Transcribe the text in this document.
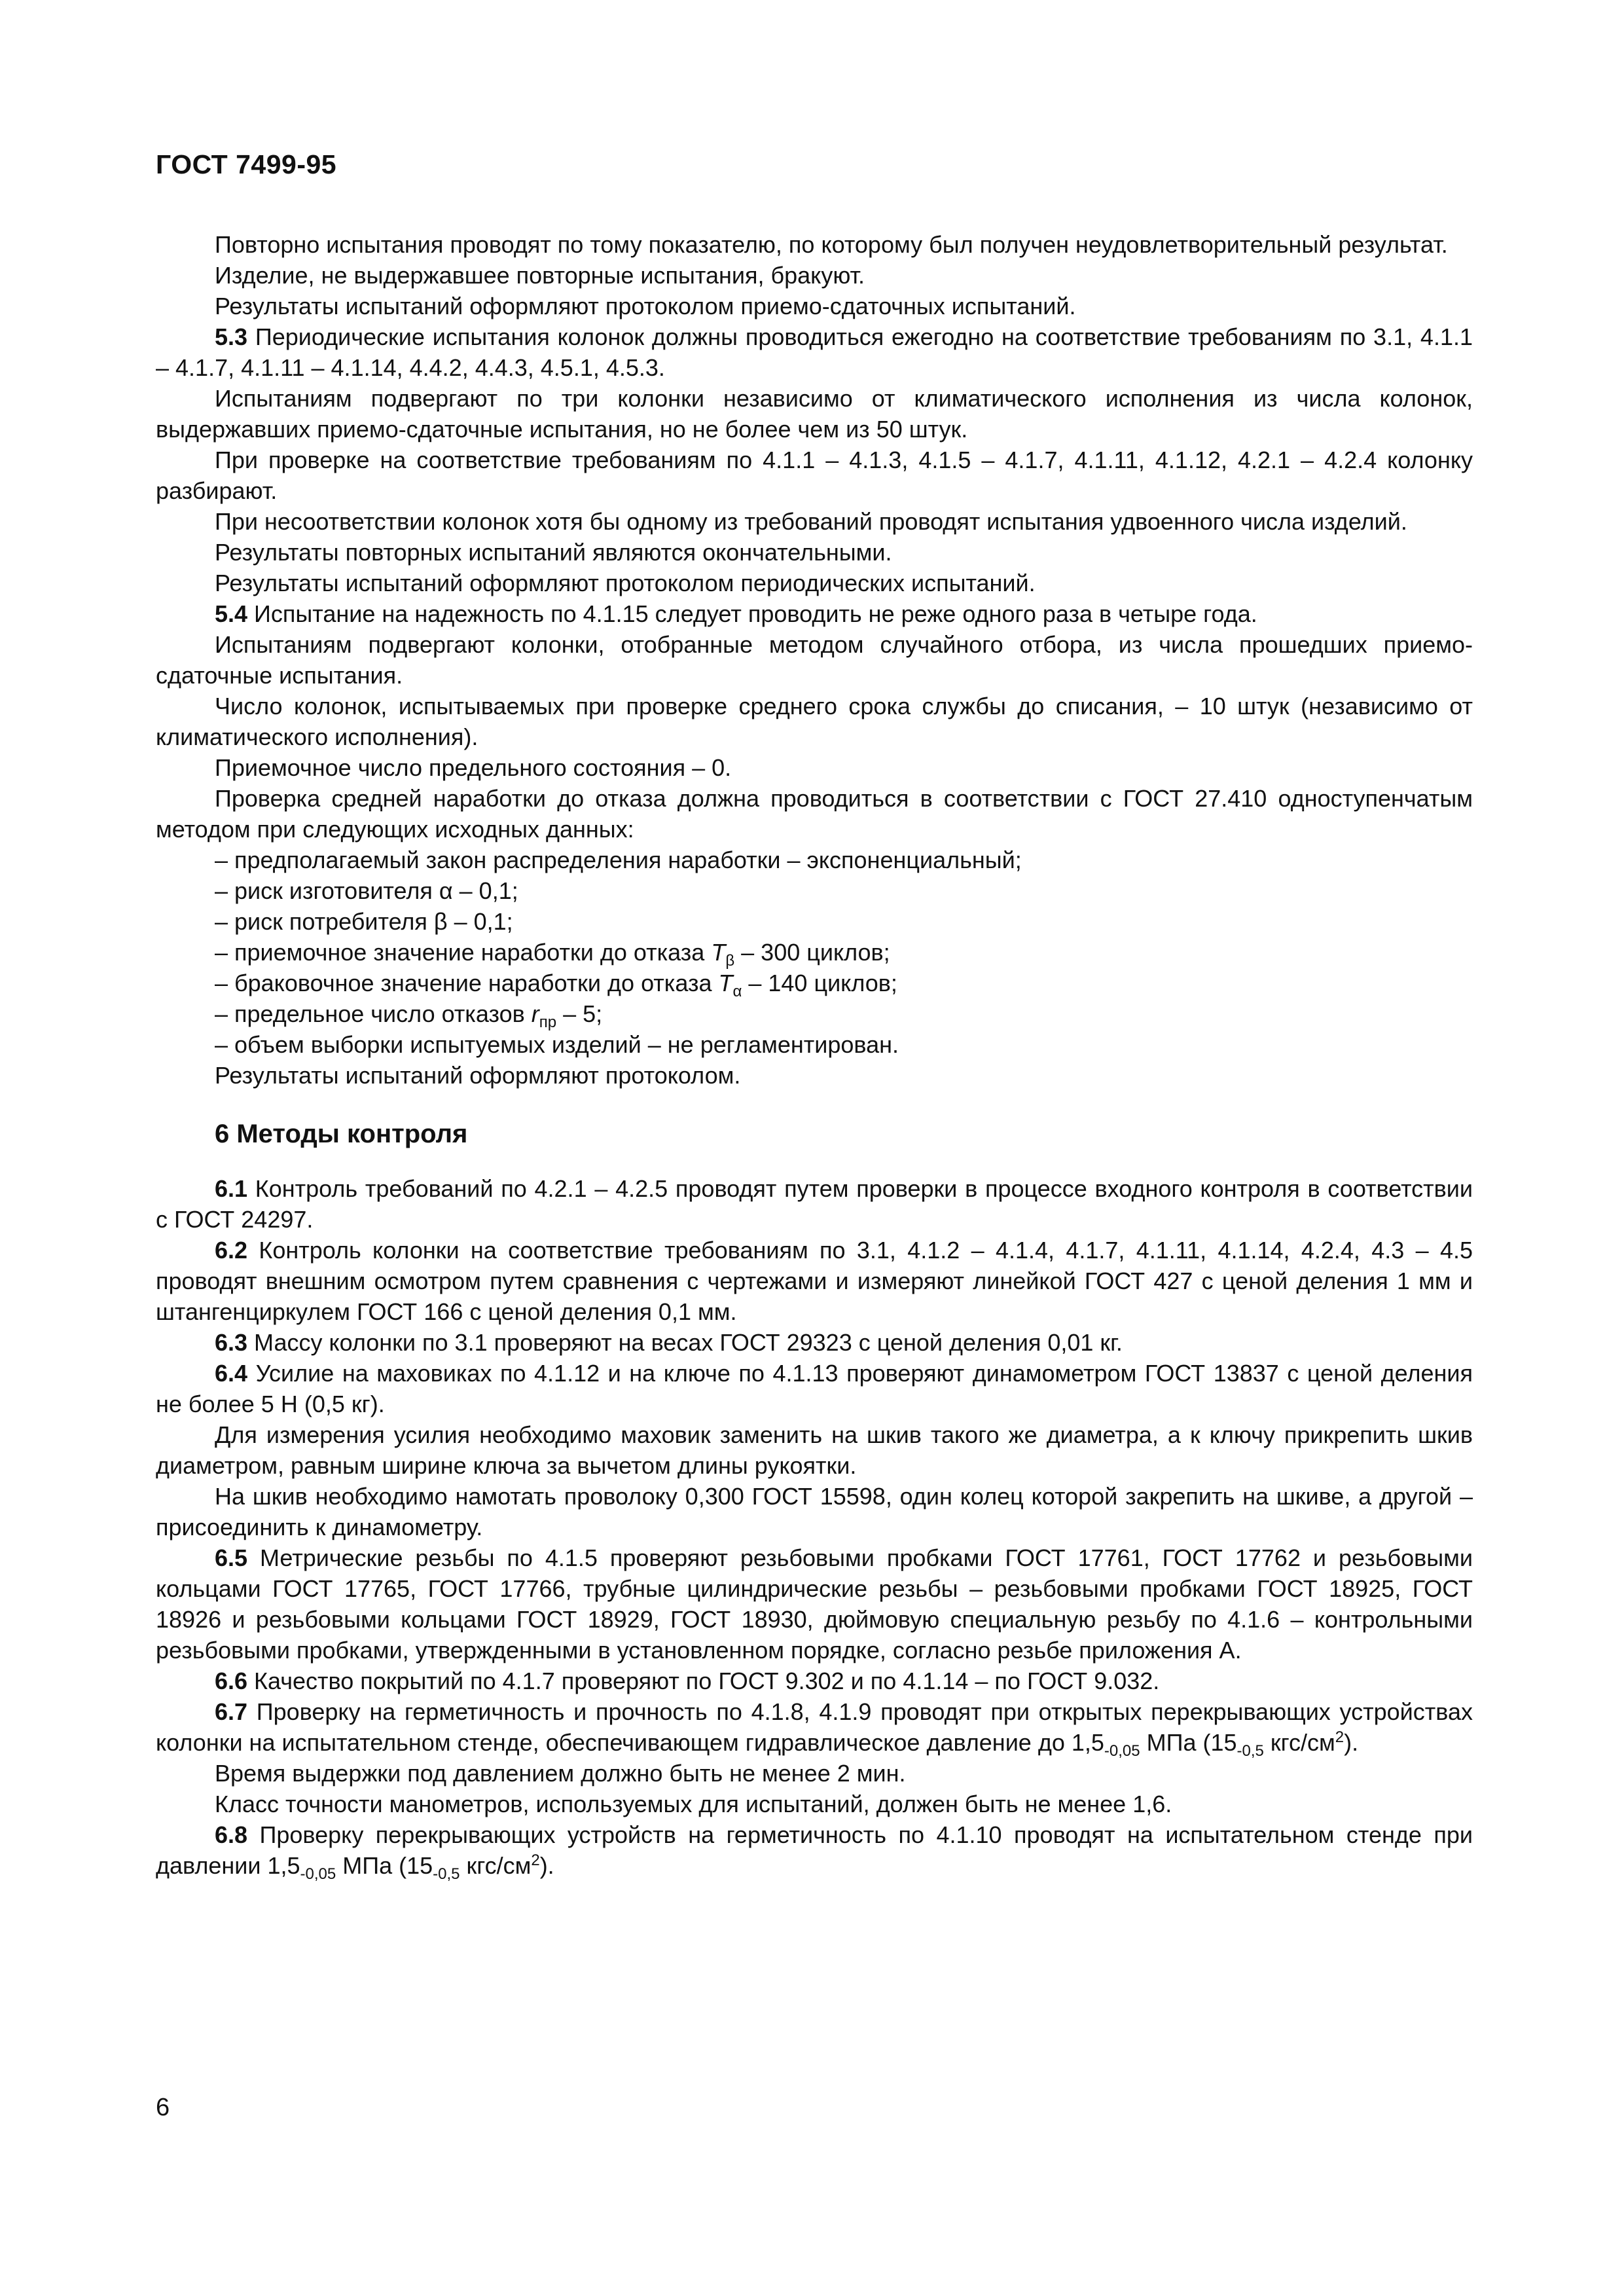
ГОСТ 7499-95

Повторно испытания проводят по тому показателю, по которому был получен неудовлетворительный результат.

Изделие, не выдержавшее повторные испытания, бракуют.

Результаты испытаний оформляют протоколом приемо-сдаточных испытаний.

5.3 Периодические испытания колонок должны проводиться ежегодно на соответствие требованиям по 3.1, 4.1.1 – 4.1.7, 4.1.11 – 4.1.14, 4.4.2, 4.4.3, 4.5.1, 4.5.3.

Испытаниям подвергают по три колонки независимо от климатического исполнения из числа колонок, выдержавших приемо-сдаточные испытания, но не более чем из 50 штук.

При проверке на соответствие требованиям по 4.1.1 – 4.1.3, 4.1.5 – 4.1.7, 4.1.11, 4.1.12, 4.2.1 – 4.2.4 колонку разбирают.

При несоответствии колонок хотя бы одному из требований проводят испытания удвоенного числа изделий.

Результаты повторных испытаний являются окончательными.

Результаты испытаний оформляют протоколом периодических испытаний.

5.4 Испытание на надежность по 4.1.15 следует проводить не реже одного раза в четыре года.

Испытаниям подвергают колонки, отобранные методом случайного отбора, из числа прошедших приемо-сдаточные испытания.

Число колонок, испытываемых при проверке среднего срока службы до списания, – 10 штук (независимо от климатического исполнения).

Приемочное число предельного состояния – 0.

Проверка средней наработки до отказа должна проводиться в соответствии с ГОСТ 27.410 одноступенчатым методом при следующих исходных данных:

– предполагаемый закон распределения наработки – экспоненциальный;

– риск изготовителя α – 0,1;

– риск потребителя β – 0,1;

– приемочное значение наработки до отказа $T_\beta - 300$ циклов;

– браковочное значение наработки до отказа $T_\alpha - 140$ циклов;

– предельное число отказов $r_{пр} - 5$;

– объем выборки испытуемых изделий – не регламентирован.

Результаты испытаний оформляют протоколом.

6 Методы контроля

6.1 Контроль требований по 4.2.1 – 4.2.5 проводят путем проверки в процессе входного контроля в соответствии с ГОСТ 24297.

6.2 Контроль колонки на соответствие требованиям по 3.1, 4.1.2 – 4.1.4, 4.1.7, 4.1.11, 4.1.14, 4.2.4, 4.3 – 4.5 проводят внешним осмотром путем сравнения с чертежами и измеряют линейкой ГОСТ 427 с ценой деления 1 мм и штангенциркулем ГОСТ 166 с ценой деления 0,1 мм.

6.3 Массу колонки по 3.1 проверяют на весах ГОСТ 29323 с ценой деления 0,01 кг.

6.4 Усилие на маховиках по 4.1.12 и на ключе по 4.1.13 проверяют динамометром ГОСТ 13837 с ценой деления не более 5 Н (0,5 кг).

Для измерения усилия необходимо маховик заменить на шкив такого же диаметра, а к ключу прикрепить шкив диаметром, равным ширине ключа за вычетом длины рукоятки.

На шкив необходимо намотать проволоку 0,300 ГОСТ 15598, один колец которой закрепить на шкиве, а другой – присоединить к динамометру.

6.5 Метрические резьбы по 4.1.5 проверяют резьбовыми пробками ГОСТ 17761, ГОСТ 17762 и резьбовыми кольцами ГОСТ 17765, ГОСТ 17766, трубные цилиндрические резьбы – резьбовыми пробками ГОСТ 18925, ГОСТ 18926 и резьбовыми кольцами ГОСТ 18929, ГОСТ 18930, дюймовую специальную резьбу по 4.1.6 – контрольными резьбовыми пробками, утвержденными в установленном порядке, согласно резьбе приложения А.

6.6 Качество покрытий по 4.1.7 проверяют по ГОСТ 9.302 и по 4.1.14 – по ГОСТ 9.032.

6.7 Проверку на герметичность и прочность по 4.1.8, 4.1.9 проводят при открытых перекрывающих устройствах колонки на испытательном стенде, обеспечивающем гидравлическое давление до $1,5_{-0,05}$ МПа ($15_{-0,5}$ кгс/$см^2$).

Время выдержки под давлением должно быть не менее 2 мин.

Класс точности манометров, используемых для испытаний, должен быть не менее 1,6.

6.8 Проверку перекрывающих устройств на герметичность по 4.1.10 проводят на испытательном стенде при давлении $1,5_{-0,05}$ МПа ($15_{-0,5}$ кгс/$см^2$).

6
